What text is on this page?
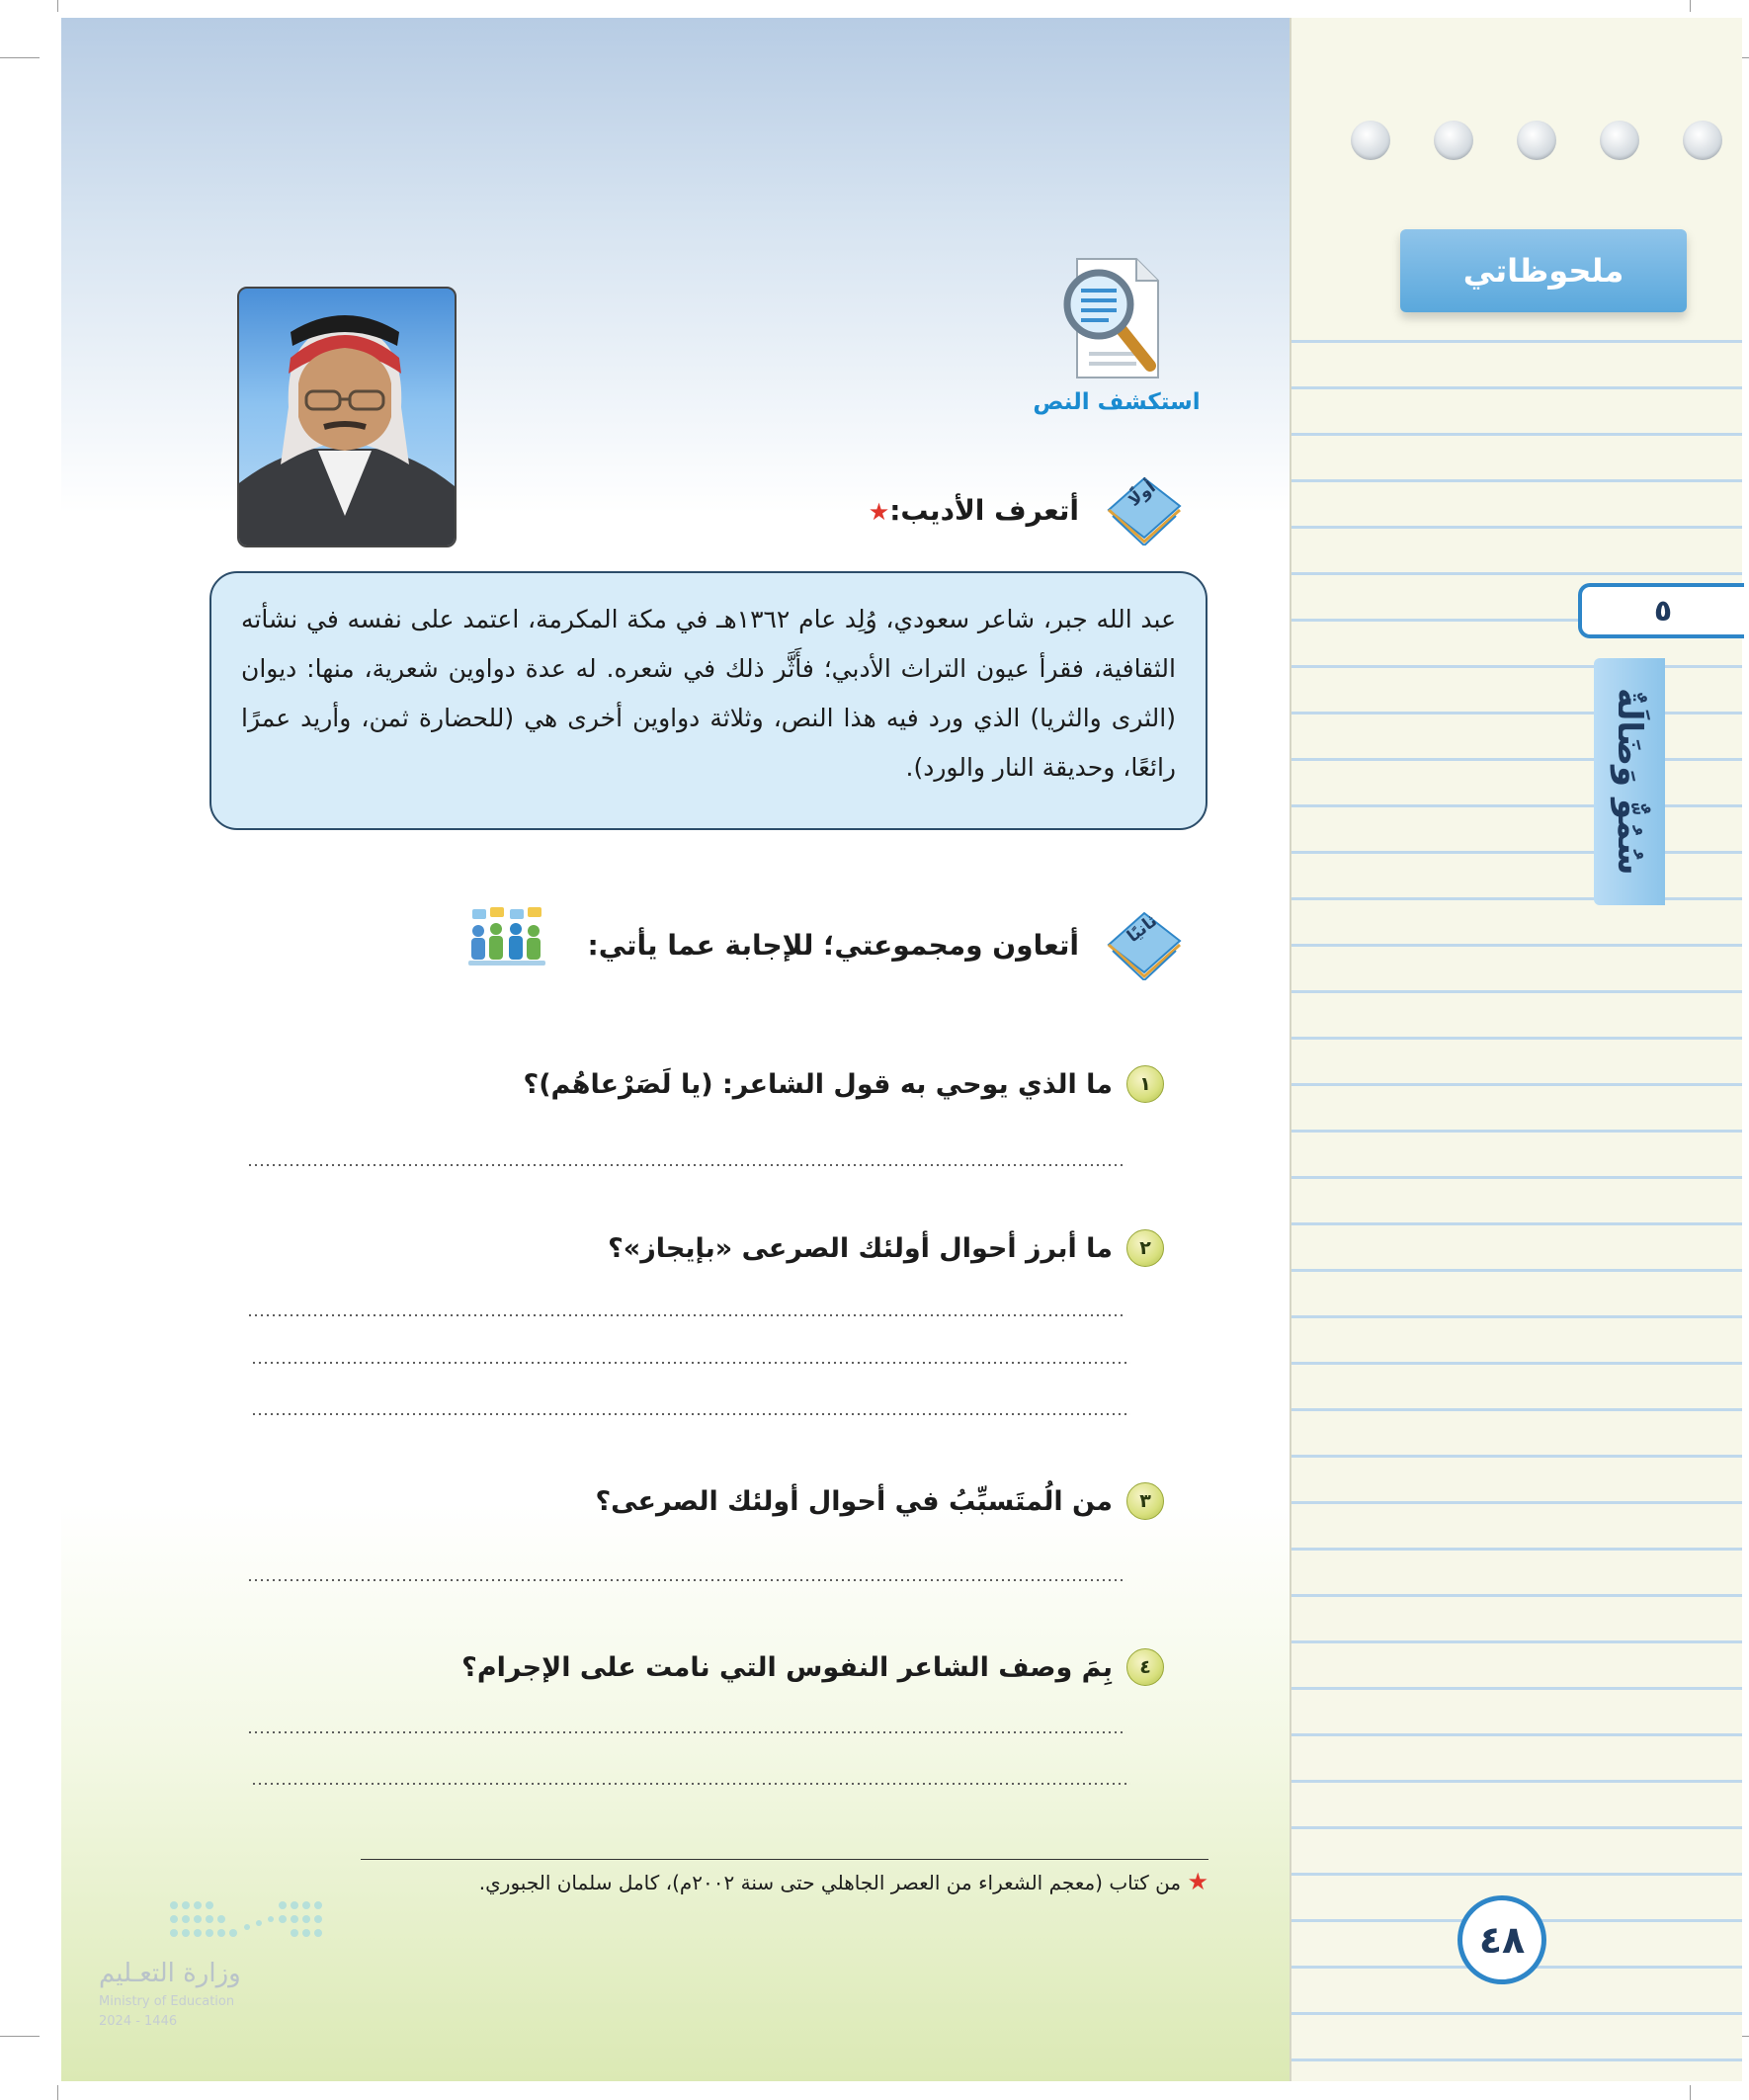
استكشف النص
أولًا
أتعرف الأديب:★
عبد الله جبر، شاعر سعودي، وُلِد عام ١٣٦٢هـ في مكة المكرمة، اعتمد على نفسه في نشأته الثقافية، فقرأ عيون التراث الأدبي؛ فأَثَّر ذلك في شعره. له عدة دواوين شعرية، منها: ديوان (الثرى والثريا) الذي ورد فيه هذا النص، وثلاثة دواوين أخرى هي (للحضارة ثمن، وأريد عمرًا رائعًا، وحديقة النار والورد).
ثانيًا
أتعاون ومجموعتي؛ للإجابة عما يأتي:
١
ما الذي يوحي به قول الشاعر: (يا لَصَرْعاهُم)؟
٢
ما أبرز أحوال أولئك الصرعى «بإيجاز»؟
٣
من الُمتَسبِّبُ في أحوال أولئك الصرعى؟
٤
بِمَ وصف الشاعر النفوس التي نامت على الإجرام؟
★ من كتاب (معجم الشعراء من العصر الجاهلي حتى سنة ٢٠٠٢م)، كامل سلمان الجبوري.
وزارة التعـليم
Ministry of Education
2024 - 1446
ملحوظاتي
٥
سُمُوٌّ وَضَالَةٌ
٤٨
